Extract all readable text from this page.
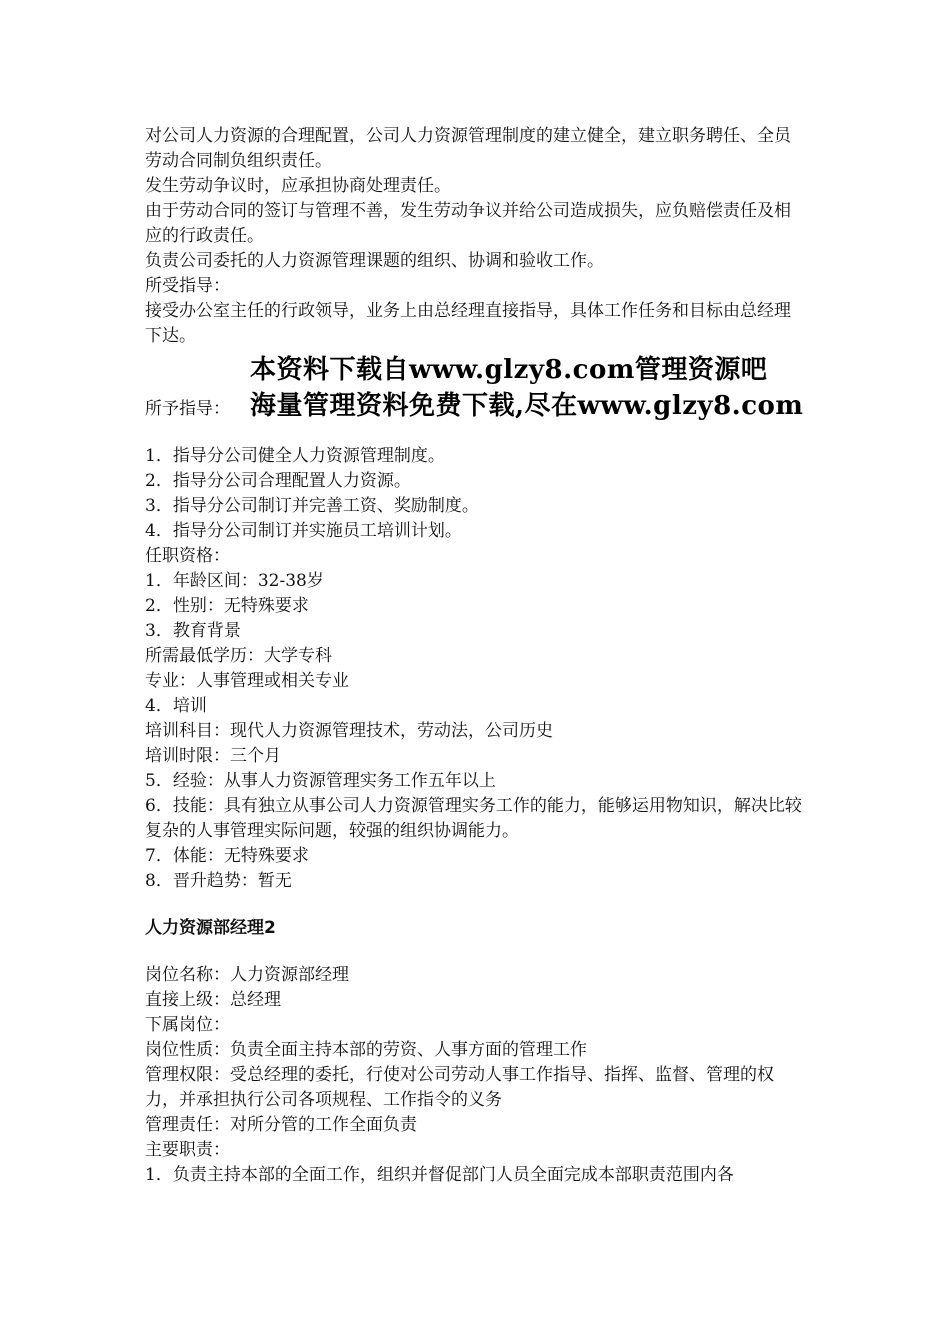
本资料下载自www.glzy8.com管理资源吧
海量管理资料免费下载,尽在www.glzy8.com
对公司人力资源的合理配置，公司人力资源管理制度的建立健全，建立职务聘任、全员劳动合同制负组织责任。
发生劳动争议时，应承担协商处理责任。
由于劳动合同的签订与管理不善，发生劳动争议并给公司造成损失，应负赔偿责任及相应的行政责任。
负责公司委托的人力资源管理课题的组织、协调和验收工作。
所受指导：
接受办公室主任的行政领导，业务上由总经理直接指导，具体工作任务和目标由总经理下达。
所予指导：
1．指导分公司健全人力资源管理制度。
2．指导分公司合理配置人力资源。
3．指导分公司制订并完善工资、奖励制度。
4．指导分公司制订并实施员工培训计划。
任职资格：
1．年龄区间：32-38岁
2．性别：无特殊要求
3．教育背景
所需最低学历：大学专科
专业：人事管理或相关专业
4．培训
培训科目：现代人力资源管理技术，劳动法，公司历史
培训时限：三个月
5．经验：从事人力资源管理实务工作五年以上
6．技能：具有独立从事公司人力资源管理实务工作的能力，能够运用物知识，解决比较
复杂的人事管理实际问题，较强的组织协调能力。
7．体能：无特殊要求
8．晋升趋势：暂无
人力资源部经理2
岗位名称：人力资源部经理
直接上级：总经理
下属岗位：
岗位性质：负责全面主持本部的劳资、人事方面的管理工作
管理权限：受总经理的委托，行使对公司劳动人事工作指导、指挥、监督、管理的权力，并承担执行公司各项规程、工作指令的义务
管理责任：对所分管的工作全面负责
主要职责：
1．负责主持本部的全面工作，组织并督促部门人员全面完成本部职责范围内各
